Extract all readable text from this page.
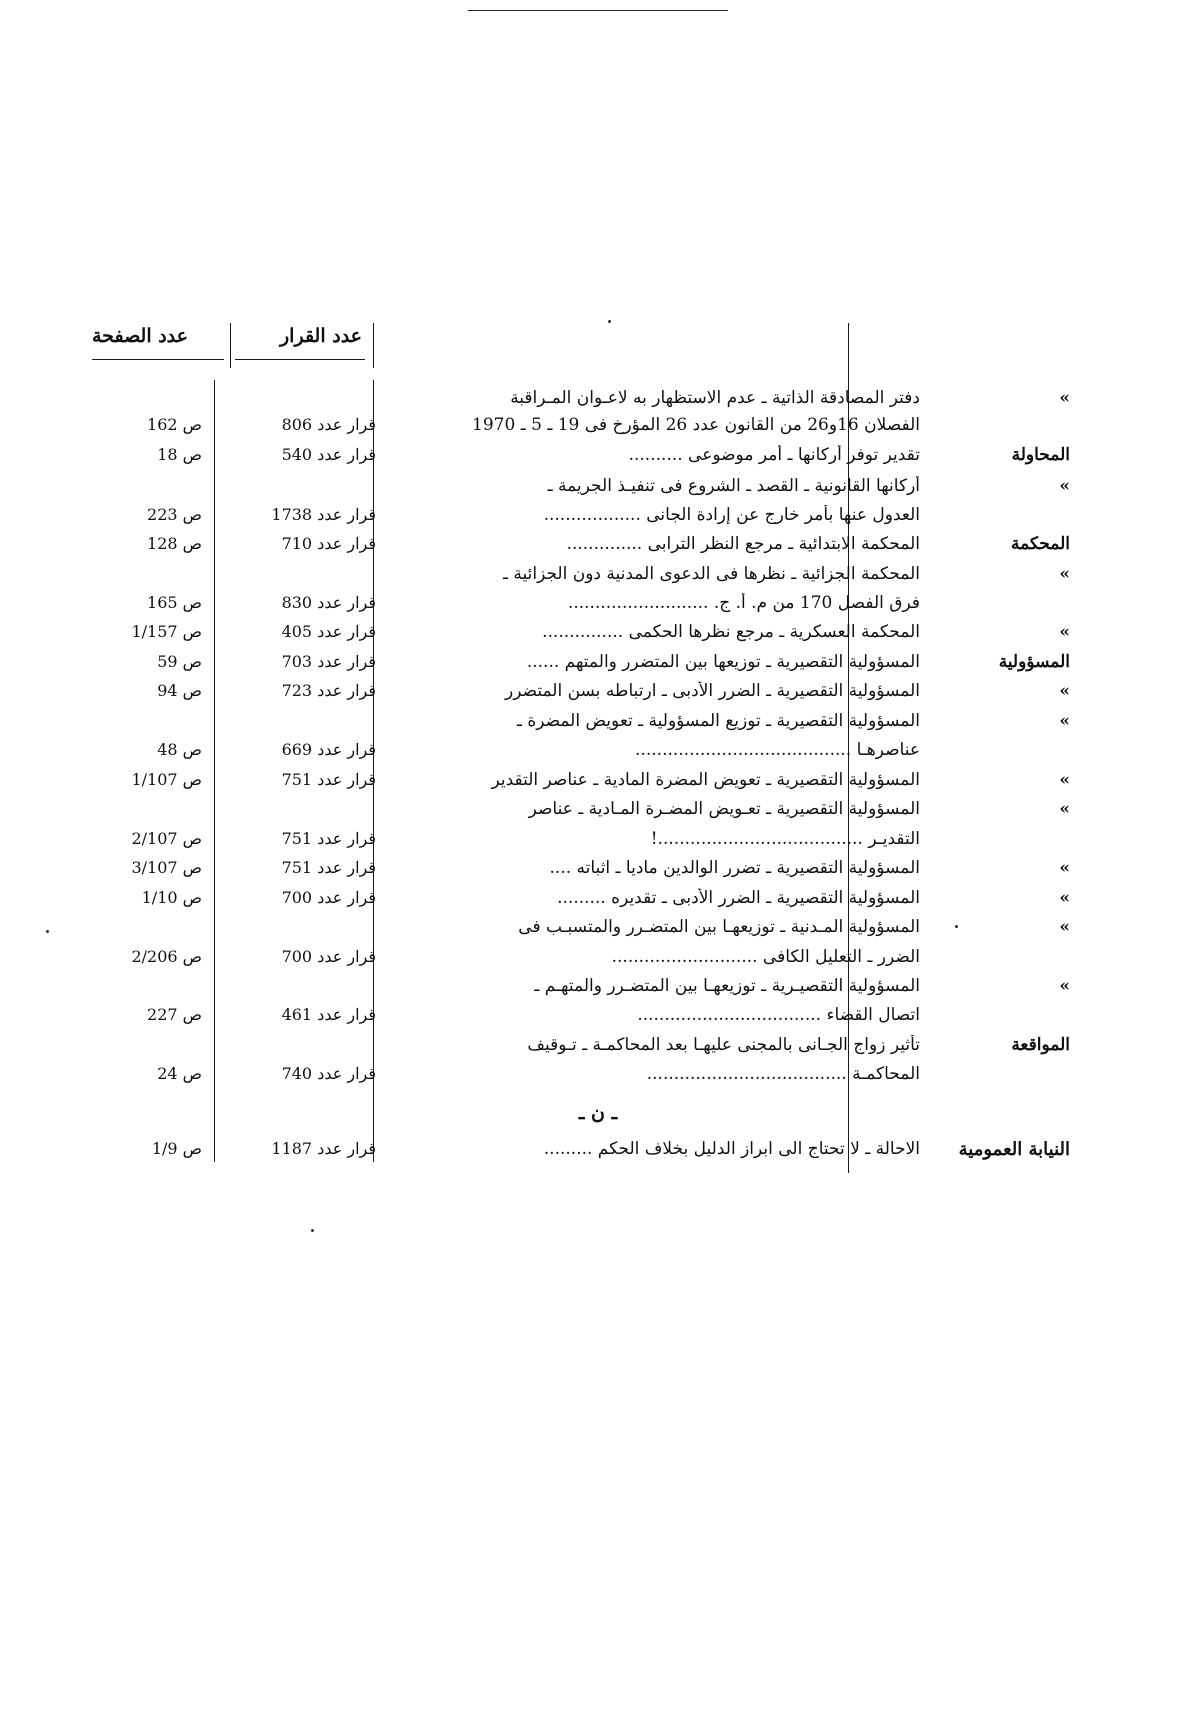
عدد القرار
عدد الصفحة
»
دفتر المصادقة الذاتية ـ عدم الاستظهار به لاعـوان المـراقبة
الفصلان 16و26 من القانون عدد 26 المؤرخ فى 19 ـ 5 ـ 1970
قرار عدد 806
ص 162
المحاولة
تقدير توفر أركانها ـ أمر موضوعى ..........
قرار عدد 540
ص 18
»
أركانها القانونية ـ القصد ـ الشروع فى تنفيـذ الجريمة ـ
العدول عنها بأمر خارج عن إرادة الجانى ..................
قرار عدد 1738
ص 223
المحكمة
المحكمة الابتدائية ـ مرجع النظر الترابى ..............
قرار عدد 710
ص 128
»
المحكمة الجزائية ـ نظرها فى الدعوى المدنية دون الجزائية ـ
فرق الفصل 170 من م. أ. ج. ..........................
قرار عدد 830
ص 165
»
المحكمة العسكرية ـ مرجع نظرها الحكمى ...............
قرار عدد 405
ص 1/157
المسؤولية
المسؤولية التقصيرية ـ توزيعها بين المتضرر والمتهم ......
قرار عدد 703
ص 59
»
المسؤولية التقصيرية ـ الضرر الأدبى ـ ارتباطه بسن المتضرر
قرار عدد 723
ص 94
»
المسؤولية التقصيرية ـ توزيع المسؤولية ـ تعويض المضرة ـ
عناصرهـا ........................................
قرار عدد 669
ص 48
»
المسؤولية التقصيرية ـ تعويض المضرة المادية ـ عناصر التقدير
قرار عدد 751
ص 1/107
»
المسؤولية التقصيرية ـ تعـويض المضـرة المـادية ـ عناصر
التقديـر ......................................!
قرار عدد 751
ص 2/107
»
المسؤولية التقصيرية ـ تضرر الوالدين ماديا ـ اثباته ....
قرار عدد 751
ص 3/107
»
المسؤولية التقصيرية ـ الضرر الأدبى ـ تقديره .........
قرار عدد 700
ص 1/10
»
المسؤولية المـدنية ـ توزيعهـا بين المتضـرر والمتسبـب فى
الضرر ـ التعليل الكافى ...........................
قرار عدد 700
ص 2/206
»
المسؤولية التقصيـرية ـ توزيعهـا بين المتضـرر والمتهـم ـ
اتصال القضاء ..................................
قرار عدد 461
ص 227
المواقعة
تأثير زواج الجـانى بالمجنى عليهـا بعد المحاكمـة ـ تـوقيف
المحاكمـة .....................................
قرار عدد 740
ص 24
ـ ن ـ
النيابة العمومية
الاحالة ـ لا تحتاج الى ابراز الدليل بخلاف الحكم .........
قرار عدد 1187
ص 1/9
